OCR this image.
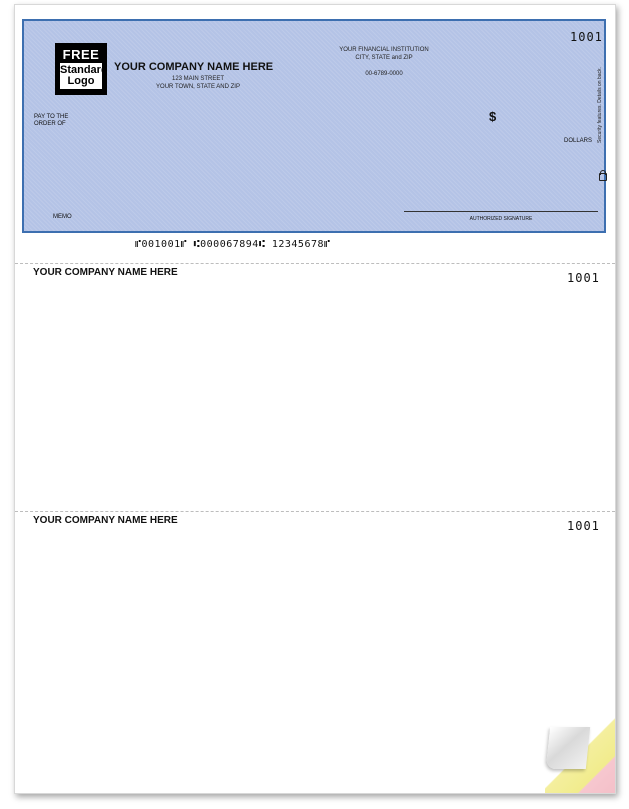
FREE
Standard
Logo
YOUR COMPANY NAME HERE
123 MAIN STREET
YOUR TOWN, STATE AND ZIP
YOUR FINANCIAL INSTITUTION
CITY, STATE and ZIP
00-6789-0000
1001
PAY TO THE
ORDER OF	$
DOLLARS
MEMO	AUTHORIZED SIGNATURE
Security features. Details on back.
⑈001001⑈ ⑆000067894⑆ 12345678⑈
YOUR COMPANY NAME HERE	1001
YOUR COMPANY NAME HERE	1001
